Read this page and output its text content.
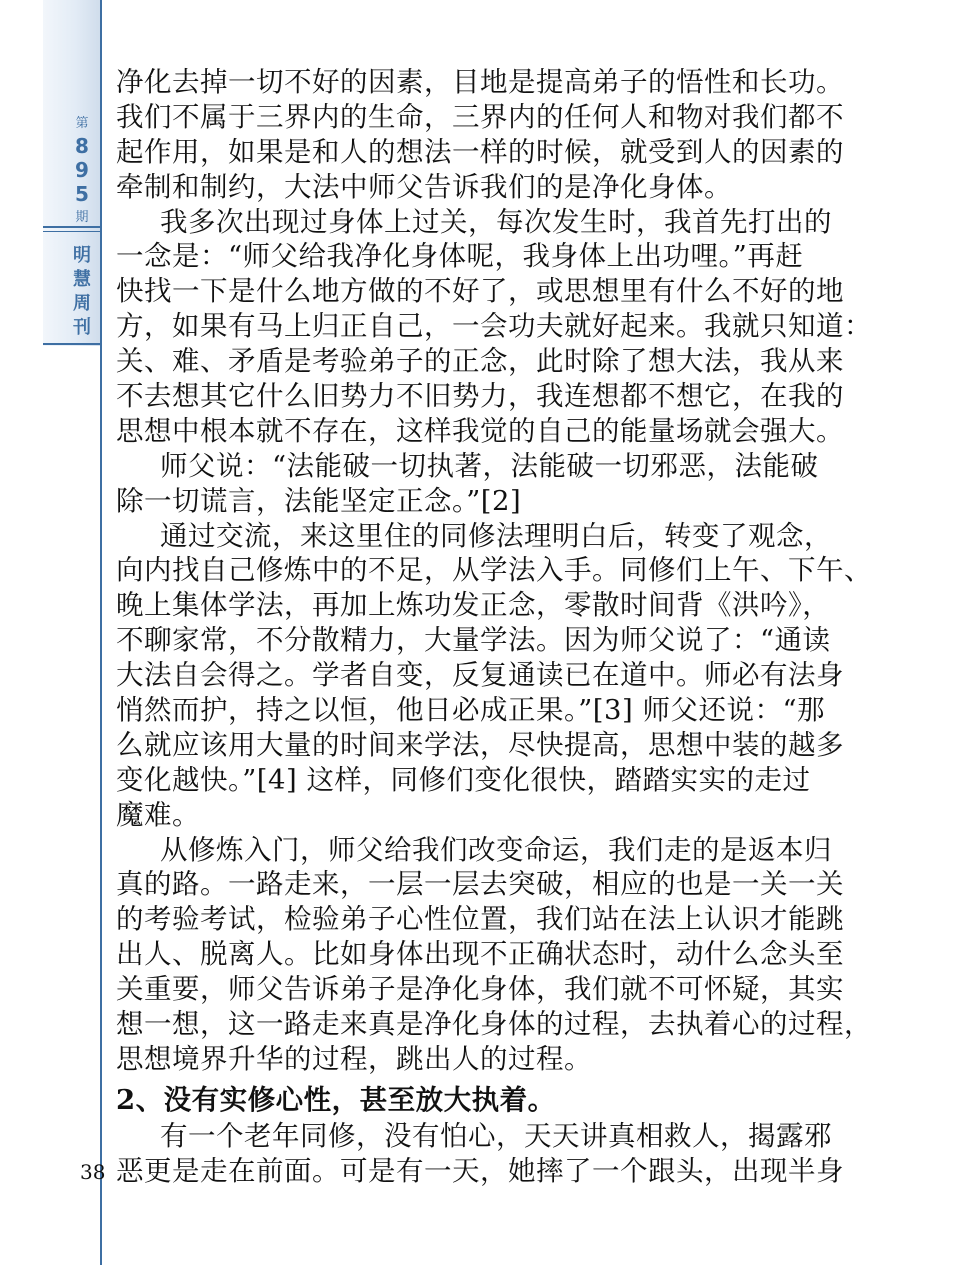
第
8
9
5
期
明
慧
周
刊
38
净化去掉一切不好的因素，目地是提高弟子的悟性和长功。
我们不属于三界内的生命，三界内的任何人和物对我们都不
起作用，如果是和人的想法一样的时候，就受到人的因素的
牵制和制约，大法中师父告诉我们的是净化身体。
我多次出现过身体上过关，每次发生时，我首先打出的
一念是：“师父给我净化身体呢，我身体上出功哩。”再赶
快找一下是什么地方做的不好了，或思想里有什么不好的地
方，如果有马上归正自己，一会功夫就好起来。我就只知道：
关、难、矛盾是考验弟子的正念，此时除了想大法，我从来
不去想其它什么旧势力不旧势力，我连想都不想它，在我的
思想中根本就不存在，这样我觉的自己的能量场就会强大。
师父说：“法能破一切执著，法能破一切邪恶，法能破
除一切谎言，法能坚定正念。”[2]
通过交流，来这里住的同修法理明白后，转变了观念，
向内找自己修炼中的不足，从学法入手。同修们上午、下午、
晚上集体学法，再加上炼功发正念，零散时间背《洪吟》，
不聊家常，不分散精力，大量学法。因为师父说了：“通读
大法自会得之。学者自变，反复通读已在道中。师必有法身
悄然而护，持之以恒，他日必成正果。”[3] 师父还说：“那
么就应该用大量的时间来学法，尽快提高，思想中装的越多
变化越快。”[4] 这样，同修们变化很快，踏踏实实的走过
魔难。
从修炼入门，师父给我们改变命运，我们走的是返本归
真的路。一路走来，一层一层去突破，相应的也是一关一关
的考验考试，检验弟子心性位置，我们站在法上认识才能跳
出人、脱离人。比如身体出现不正确状态时，动什么念头至
关重要，师父告诉弟子是净化身体，我们就不可怀疑，其实
想一想，这一路走来真是净化身体的过程，去执着心的过程，
思想境界升华的过程，跳出人的过程。
2、没有实修心性，甚至放大执着。
有一个老年同修，没有怕心，天天讲真相救人，揭露邪
恶更是走在前面。可是有一天，她摔了一个跟头，出现半身
